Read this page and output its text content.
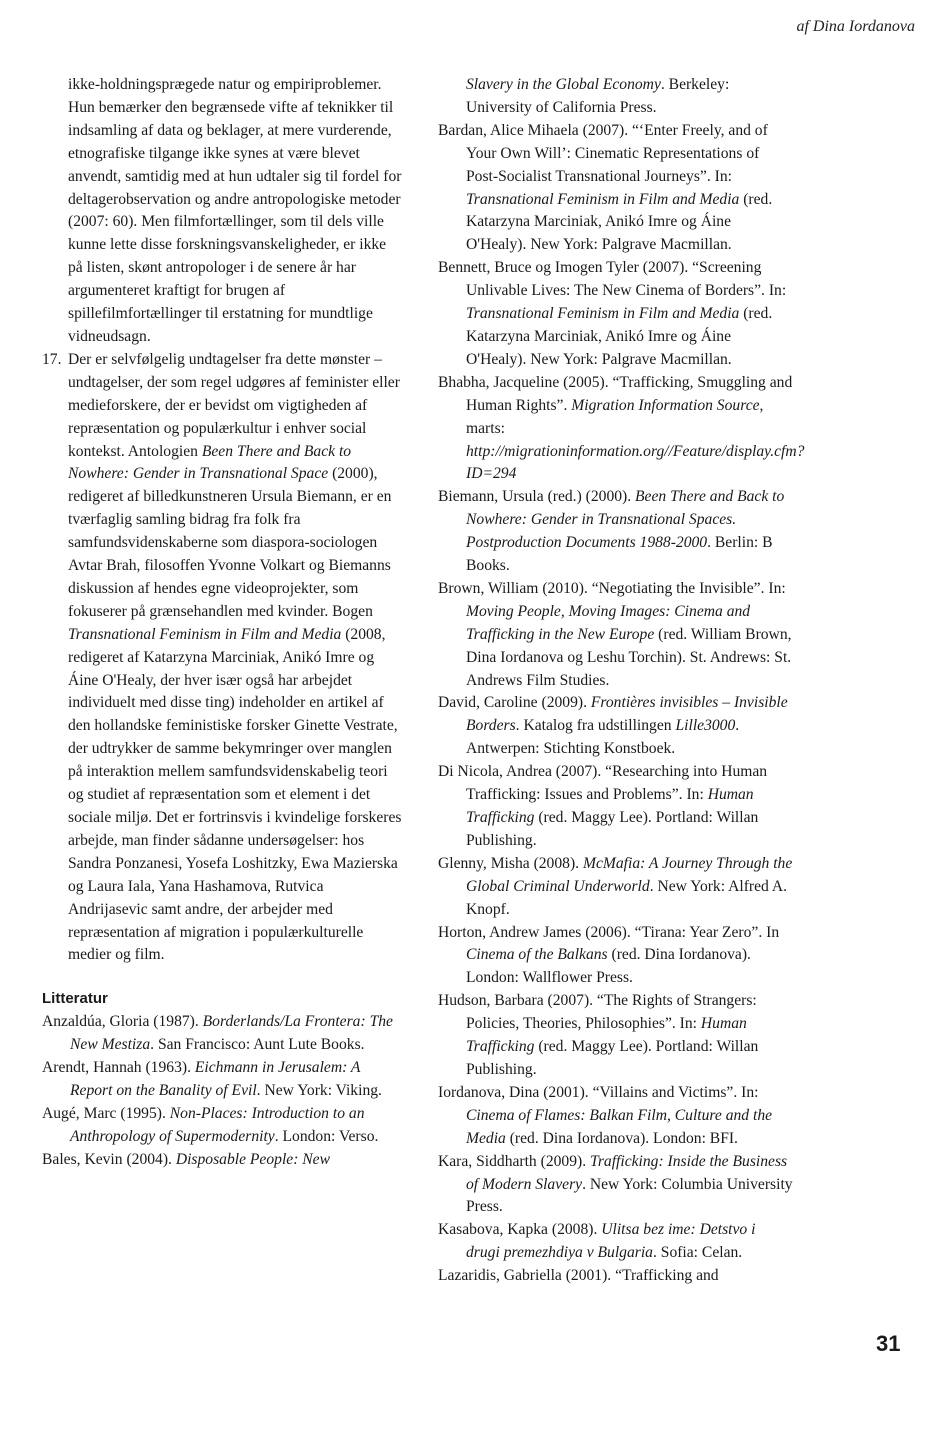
af Dina Iordanova

ikke-holdningsprægede natur og empiriproblemer. Hun bemærker den begrænsede vifte af teknikker til indsamling af data og beklager, at mere vurderende, etnografiske tilgange ikke synes at være blevet anvendt, samtidig med at hun udtaler sig til fordel for deltagerobservation og andre antropologiske metoder (2007: 60). Men filmfortællinger, som til dels ville kunne lette disse forskningsvanskeligheder, er ikke på listen, skønt antropologer i de senere år har argumenteret kraftigt for brugen af spillefilmfortællinger til erstatning for mundtlige vidneudsagn.

17. Der er selvfølgelig undtagelser fra dette mønster – undtagelser, der som regel udgøres af feminister eller medieforskere, der er bevidst om vigtigheden af repræsentation og populærkultur i enhver social kontekst. Antologien Been There and Back to Nowhere: Gender in Transnational Space (2000), redigeret af billedkunstneren Ursula Biemann, er en tværfaglig samling bidrag fra folk fra samfundsvidenskaberne som diaspora-sociologen Avtar Brah, filosoffen Yvonne Volkart og Biemanns diskussion af hendes egne videoprojekter, som fokuserer på grænsehandlen med kvinder. Bogen Transnational Feminism in Film and Media (2008, redigeret af Katarzyna Marciniak, Anikó Imre og Áine O'Healy, der hver især også har arbejdet individuelt med disse ting) indeholder en artikel af den hollandske feministiske forsker Ginette Vestrate, der udtrykker de samme bekymringer over manglen på interaktion mellem samfundsvidenskabelig teori og studiet af repræsentation som et element i det sociale miljø. Det er fortrinsvis i kvindelige forskeres arbejde, man finder sådanne undersøgelser: hos Sandra Ponzanesi, Yosefa Loshitzky, Ewa Mazierska og Laura Iala, Yana Hashamova, Rutvica Andrijasevic samt andre, der arbejder med repræsentation af migration i populærkulturelle medier og film.

Litteratur

Anzaldúa, Gloria (1987). Borderlands/La Frontera: The New Mestiza. San Francisco: Aunt Lute Books.

Arendt, Hannah (1963). Eichmann in Jerusalem: A Report on the Banality of Evil. New York: Viking.

Augé, Marc (1995). Non-Places: Introduction to an Anthropology of Supermodernity. London: Verso.

Bales, Kevin (2004). Disposable People: New

Slavery in the Global Economy. Berkeley: University of California Press.

Bardan, Alice Mihaela (2007). “‘Enter Freely, and of Your Own Will’: Cinematic Representations of Post-Socialist Transnational Journeys”. In: Transnational Feminism in Film and Media (red. Katarzyna Marciniak, Anikó Imre og Áine O'Healy). New York: Palgrave Macmillan.

Bennett, Bruce og Imogen Tyler (2007). “Screening Unlivable Lives: The New Cinema of Borders”. In: Transnational Feminism in Film and Media (red. Katarzyna Marciniak, Anikó Imre og Áine O'Healy). New York: Palgrave Macmillan.

Bhabha, Jacqueline (2005). “Trafficking, Smuggling and Human Rights”. Migration Information Source, marts: http://migrationinformation.org//Feature/display.cfm?ID=294

Biemann, Ursula (red.) (2000). Been There and Back to Nowhere: Gender in Transnational Spaces. Postproduction Documents 1988-2000. Berlin: B Books.

Brown, William (2010). “Negotiating the Invisible”. In: Moving People, Moving Images: Cinema and Trafficking in the New Europe (red. William Brown, Dina Iordanova og Leshu Torchin). St. Andrews: St. Andrews Film Studies.

David, Caroline (2009). Frontières invisibles – Invisible Borders. Katalog fra udstillingen Lille3000. Antwerpen: Stichting Konstboek.

Di Nicola, Andrea (2007). “Researching into Human Trafficking: Issues and Problems”. In: Human Trafficking (red. Maggy Lee). Portland: Willan Publishing.

Glenny, Misha (2008). McMafia: A Journey Through the Global Criminal Underworld. New York: Alfred A. Knopf.

Horton, Andrew James (2006). “Tirana: Year Zero”. In Cinema of the Balkans (red. Dina Iordanova). London: Wallflower Press.

Hudson, Barbara (2007). “The Rights of Strangers: Policies, Theories, Philosophies”. In: Human Trafficking (red. Maggy Lee). Portland: Willan Publishing.

Iordanova, Dina (2001). “Villains and Victims”. In: Cinema of Flames: Balkan Film, Culture and the Media (red. Dina Iordanova). London: BFI.

Kara, Siddharth (2009). Trafficking: Inside the Business of Modern Slavery. New York: Columbia University Press.

Kasabova, Kapka (2008). Ulitsa bez ime: Detstvo i drugi premezhdiya v Bulgaria. Sofia: Celan.

Lazaridis, Gabriella (2001). “Trafficking and

31
